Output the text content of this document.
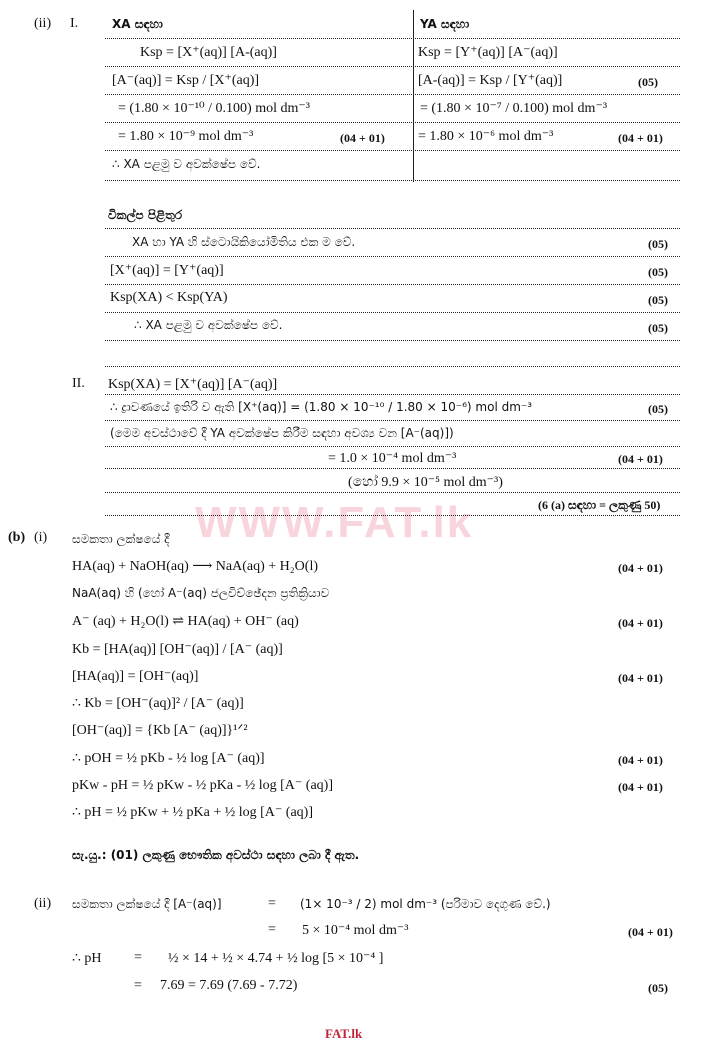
WWW.FAT.lk
(ii) I.	XA සඳහා	YA සඳහා
Ksp = [X⁺(aq)] [A-(aq)]	Ksp = [Y⁺(aq)] [A⁻(aq)]
[A⁻(aq)] = Ksp / [X⁺(aq)]	[A-(aq)] = Ksp / [Y⁺(aq)]	(05)
= (1.80 × 10⁻¹⁰ / 0.100) mol dm⁻³	= (1.80 × 10⁻⁷ / 0.100) mol dm⁻³
= 1.80 × 10⁻⁹ mol dm⁻³	(04 + 01) = 1.80 × 10⁻⁶ mol dm⁻³	(04 + 01)
∴ XA පළමු ව අවක්ෂේප වේ.
විකල්ප පිළිතුර
XA හා YA හි ස්ටොයිකියෝමිතිය එක ම වේ.	(05)
[X⁺(aq)] = [Y⁺(aq)]	(05)
Ksp(XA) < Ksp(YA)	(05)
∴ XA පළමු ව අවක්ෂේප වේ.	(05)
II. Ksp(XA) = [X⁺(aq)] [A⁻(aq)]
∴ ද්‍රාවණයේ ඉතිරි ව ඇති [X⁺(aq)] = (1.80 × 10⁻¹⁰ / 1.80 × 10⁻⁶) mol dm⁻³	(05)
(මෙම අවස්ථාවේ දී YA අවක්ෂේප කිරීම සඳහා අවශ්‍ය වන [A⁻(aq)])
= 1.0 × 10⁻⁴ mol dm⁻³	(04 + 01)
(හෝ 9.9 × 10⁻⁵ mol dm⁻³)
(6 (a) සඳහා = ලකුණු 50)
(b) (i) සමකතා ලක්ෂයේ දී
HA(aq) + NaOH(aq) ⟶ NaA(aq) + H₂O(l)	(04 + 01)
NaA(aq) හි (හෝ A⁻(aq) ජලවිච්ඡේදන ප්‍රතික්‍රියාව
A⁻ (aq) + H₂O(l) ⇌ HA(aq) + OH⁻ (aq)	(04 + 01)
Kb = [HA(aq)] [OH⁻(aq)] / [A⁻ (aq)]
[HA(aq)] = [OH⁻(aq)]	(04 + 01)
∴ Kb = [OH⁻(aq)]² / [A⁻ (aq)]
[OH⁻(aq)] = {Kb [A⁻ (aq)]}¹ᐟ²
∴ pOH = ½ pKb - ½ log [A⁻ (aq)]	(04 + 01)
pKw - pH = ½ pKw - ½ pKa - ½ log [A⁻ (aq)]	(04 + 01)
∴ pH = ½ pKw + ½ pKa + ½ log [A⁻ (aq)]
සැ.යු.: (01) ලකුණු භෞතික අවස්ථා සඳහා ලබා දී ඇත.
(ii) සමකතා ලක්ෂයේ දී [A⁻(aq)]	= (1× 10⁻³ / 2) mol dm⁻³ (පරිමාව දෙගුණ වේ.)
= 5 × 10⁻⁴ mol dm⁻³	(04 + 01)
∴ pH = ½ × 14 + ½ × 4.74 + ½ log [5 × 10⁻⁴ ]
= 7.69 = 7.69 (7.69 - 7.72)	(05)
FAT.lk
